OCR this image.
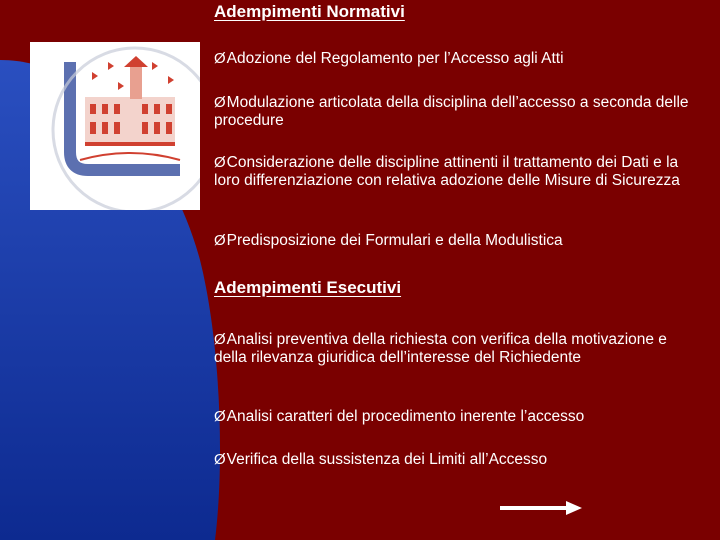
Adempimenti Normativi
ØAdozione del Regolamento per l’Accesso agli Atti
ØModulazione articolata della disciplina dell’accesso a seconda delle procedure
ØConsiderazione delle discipline attinenti il trattamento dei Dati e la loro differenziazione con relativa adozione delle Misure di Sicurezza
ØPredisposizione dei Formulari e della Modulistica
Adempimenti Esecutivi
ØAnalisi preventiva della richiesta con verifica della motivazione e della rilevanza giuridica dell’interesse del Richiedente
ØAnalisi caratteri del procedimento inerente l’accesso
ØVerifica della sussistenza dei Limiti all’Accesso
